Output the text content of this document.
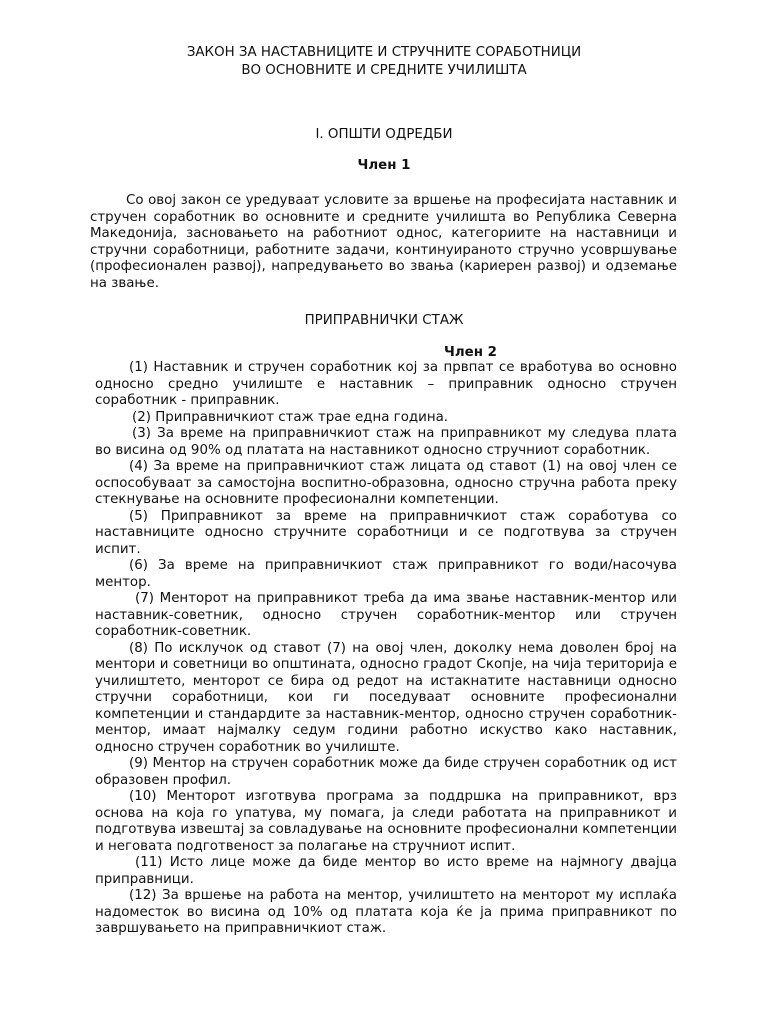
ЗАКОН ЗА НАСТАВНИЦИТЕ И СТРУЧНИТЕ СОРАБОТНИЦИ
ВО ОСНОВНИТЕ И СРЕДНИТЕ УЧИЛИШТА
I. ОПШТИ ОДРЕДБИ
Член 1
Со овој закон се уредуваат условите за вршење на професијата наставник и стручен соработник во основните и средните училишта во Република Северна Македонија, засновањето на работниот однос, категориите на наставници и стручни соработници, работните задачи, континуираното стручно усовршување (професионален развој), напредувањето во звања (кариерен развој) и одземање на звање.
ПРИПРАВНИЧКИ СТАЖ
Член 2

(1) Наставник и стручен соработник кој за првпат се вработува во основно односно средно училиште е наставник – приправник односно стручен соработник - приправник.

(2) Приправничкиот стаж трае една година.

(3) За време на приправничкиот стаж на приправникот му следува плата во висина од 90% од платата на наставникот односно стручниот соработник.

(4) За време на приправничкиот стаж лицата од ставот (1) на овој член се оспособуваат за самостојна воспитно-образовна, односно стручна работа преку стекнување на основните професионални компетенции.

(5) Приправникот за време на приправничкиот стаж соработува со наставниците односно стручните соработници и се подготвува за стручен испит.

(6) За време на приправничкиот стаж приправникот го води/насочува ментор.

(7) Менторот на приправникот треба да има звање наставник-ментор или наставник-советник, односно стручен соработник-ментор или стручен соработник-советник.

(8) По исклучок од ставот (7) на овој член, доколку нема доволен број на ментори и советници во општината, односно градот Скопје, на чија територија е училиштето, менторот се бира од редот на истакнатите наставници односно стручни соработници, кои ги поседуваат основните професионални компетенции и стандардите за наставник-ментор, односно стручен соработник-ментор, имаат најмалку седум години работно искуство како наставник, односно стручен соработник во училиште.

(9) Ментор на стручен соработник може да биде стручен соработник од ист образовен профил.

(10) Менторот изготвува програма за поддршка на приправникот, врз основа на која го упатува, му помага, ја следи работата на приправникот и подготвува извештај за совладување на основните професионални компетенции и неговата подготвеност за полагање на стручниот испит.

(11) Исто лице може да биде ментор во исто време на најмногу двајца приправници.

(12) За вршење на работа на ментор, училиштето на менторот му исплаќа надоместок во висина од 10% од платата која ќе ја прима приправникот по завршувањето на приправничкиот стаж.
